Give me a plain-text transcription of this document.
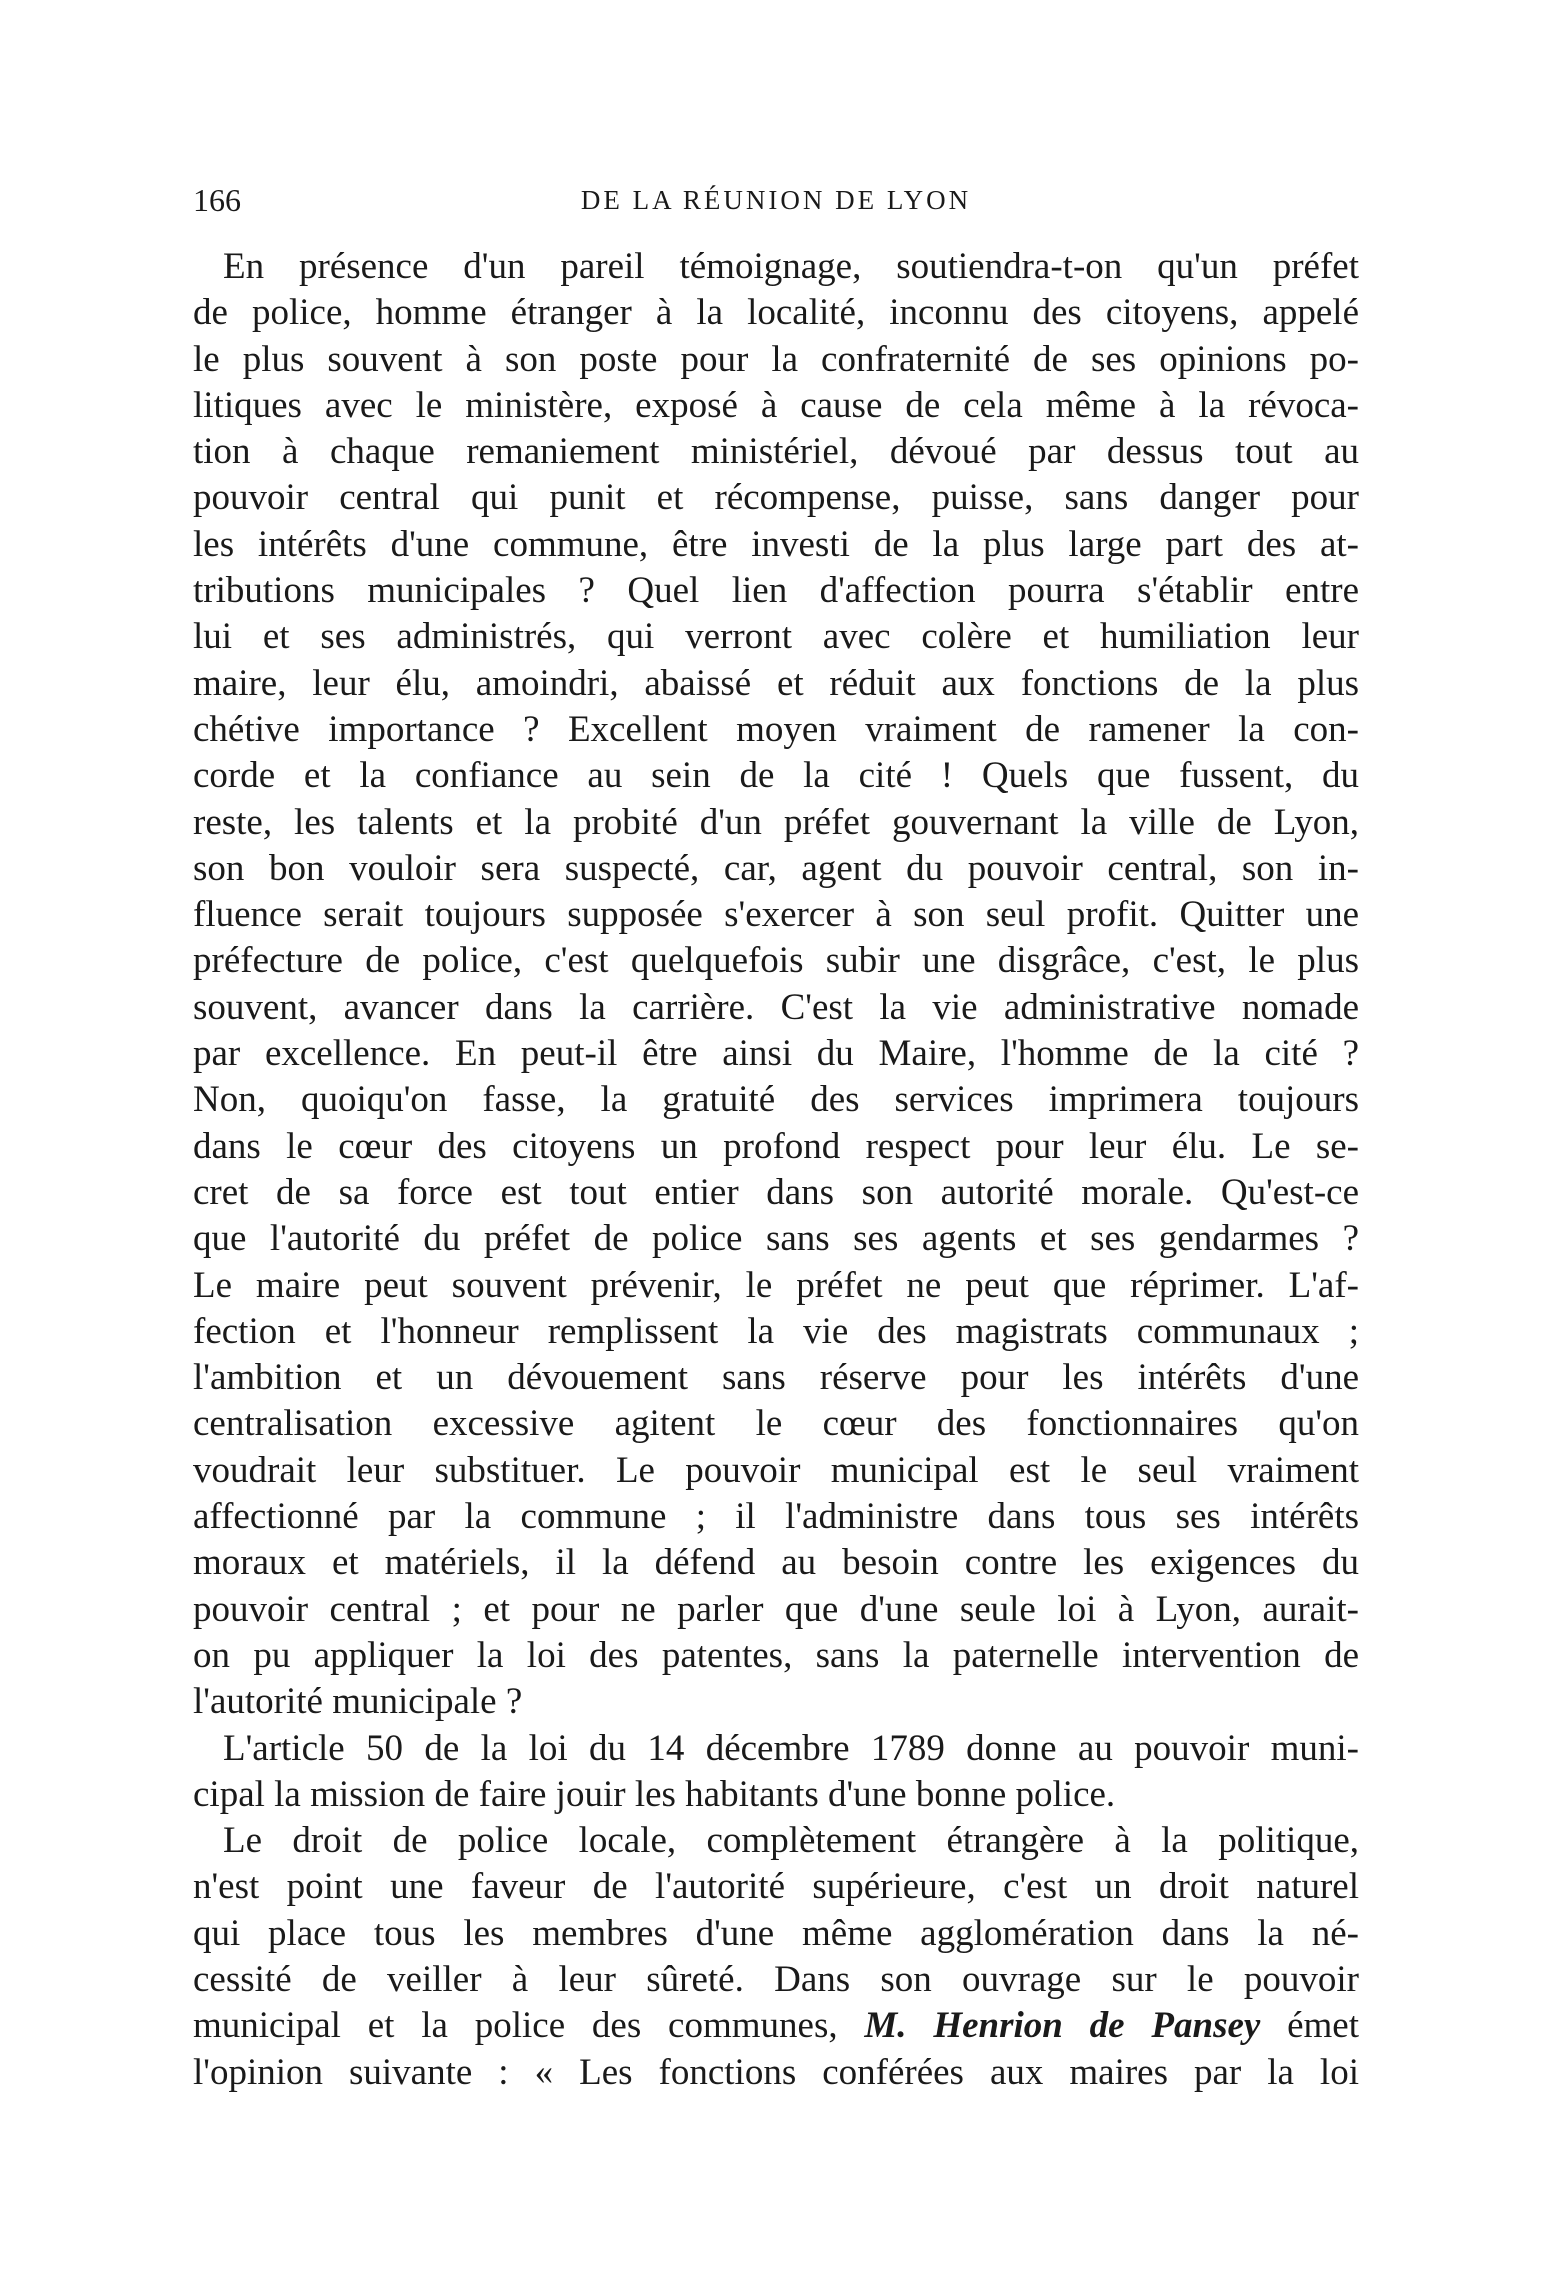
166	DE LA RÉUNION DE LYON
En présence d'un pareil témoignage, soutiendra-t-on qu'un préfet
de police, homme étranger à la localité, inconnu des citoyens, appelé
le plus souvent à son poste pour la confraternité de ses opinions po-
litiques avec le ministère, exposé à cause de cela même à la révoca-
tion à chaque remaniement ministériel, dévoué par dessus tout au
pouvoir central qui punit et récompense, puisse, sans danger pour
les intérêts d'une commune, être investi de la plus large part des at-
tributions municipales ? Quel lien d'affection pourra s'établir entre
lui et ses administrés, qui verront avec colère et humiliation leur
maire, leur élu, amoindri, abaissé et réduit aux fonctions de la plus
chétive importance ? Excellent moyen vraiment de ramener la con-
corde et la confiance au sein de la cité ! Quels que fussent, du
reste, les talents et la probité d'un préfet gouvernant la ville de Lyon,
son bon vouloir sera suspecté, car, agent du pouvoir central, son in-
fluence serait toujours supposée s'exercer à son seul profit. Quitter une
préfecture de police, c'est quelquefois subir une disgrâce, c'est, le plus
souvent, avancer dans la carrière. C'est la vie administrative nomade
par excellence. En peut-il être ainsi du Maire, l'homme de la cité ?
Non, quoiqu'on fasse, la gratuité des services imprimera toujours
dans le cœur des citoyens un profond respect pour leur élu. Le se-
cret de sa force est tout entier dans son autorité morale. Qu'est-ce
que l'autorité du préfet de police sans ses agents et ses gendarmes ?
Le maire peut souvent prévenir, le préfet ne peut que réprimer. L'af-
fection et l'honneur remplissent la vie des magistrats communaux ;
l'ambition et un dévouement sans réserve pour les intérêts d'une
centralisation excessive agitent le cœur des fonctionnaires qu'on
voudrait leur substituer. Le pouvoir municipal est le seul vraiment
affectionné par la commune ; il l'administre dans tous ses intérêts
moraux et matériels, il la défend au besoin contre les exigences du
pouvoir central ; et pour ne parler que d'une seule loi à Lyon, aurait-
on pu appliquer la loi des patentes, sans la paternelle intervention de
l'autorité municipale ?
L'article 50 de la loi du 14 décembre 1789 donne au pouvoir muni-
cipal la mission de faire jouir les habitants d'une bonne police.
Le droit de police locale, complètement étrangère à la politique,
n'est point une faveur de l'autorité supérieure, c'est un droit naturel
qui place tous les membres d'une même agglomération dans la né-
cessité de veiller à leur sûreté. Dans son ouvrage sur le pouvoir
municipal et la police des communes, M. Henrion de Pansey émet
l'opinion suivante : « Les fonctions conférées aux maires par la loi
